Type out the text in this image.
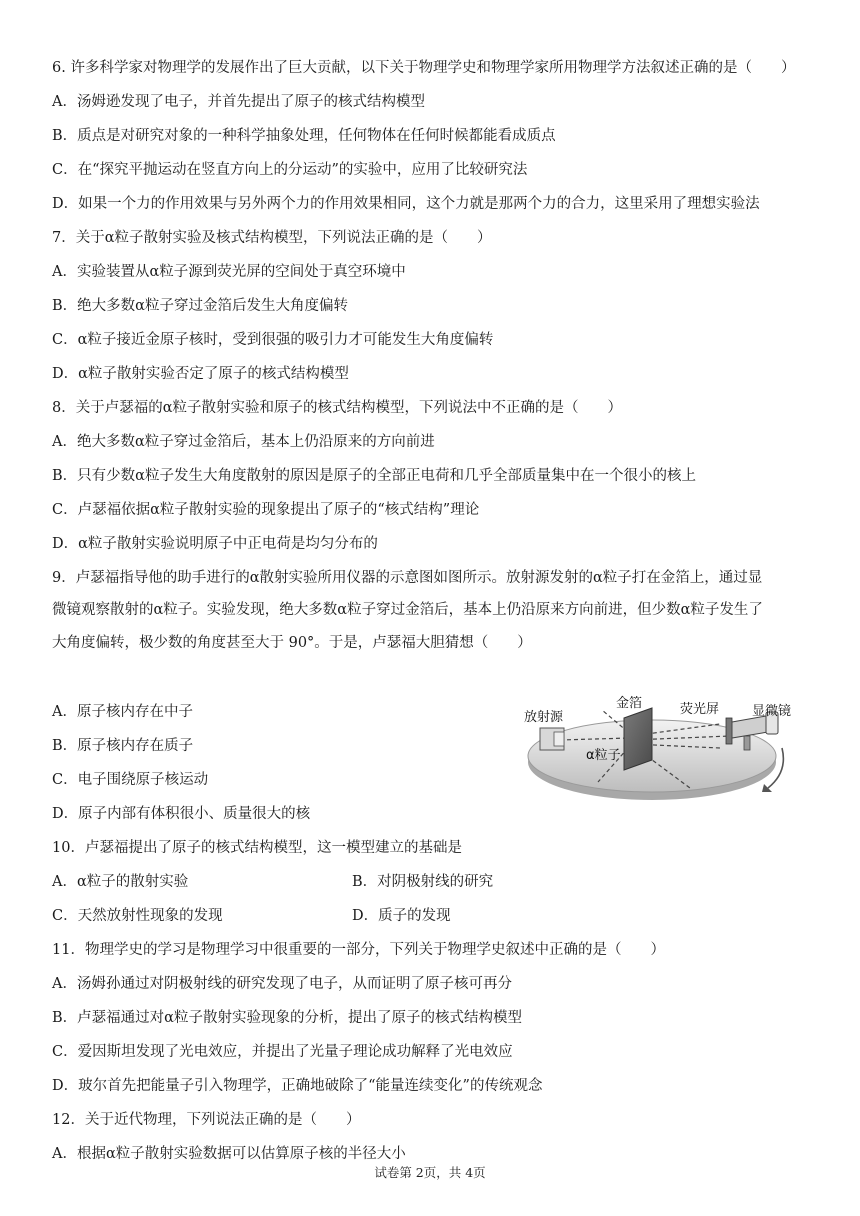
6. 许多科学家对物理学的发展作出了巨大贡献，以下关于物理学史和物理学家所用物理学方法叙述正确的是（　　）
A．汤姆逊发现了电子，并首先提出了原子的核式结构模型
B．质点是对研究对象的一种科学抽象处理，任何物体在任何时候都能看成质点
C．在“探究平抛运动在竖直方向上的分运动”的实验中，应用了比较研究法
D．如果一个力的作用效果与另外两个力的作用效果相同，这个力就是那两个力的合力，这里采用了理想实验法
7．关于α粒子散射实验及核式结构模型，下列说法正确的是（　　）
A．实验装置从α粒子源到荧光屏的空间处于真空环境中
B．绝大多数α粒子穿过金箔后发生大角度偏转
C．α粒子接近金原子核时，受到很强的吸引力才可能发生大角度偏转
D．α粒子散射实验否定了原子的核式结构模型
8．关于卢瑟福的α粒子散射实验和原子的核式结构模型，下列说法中不正确的是（　　）
A．绝大多数α粒子穿过金箔后，基本上仍沿原来的方向前进
B．只有少数α粒子发生大角度散射的原因是原子的全部正电荷和几乎全部质量集中在一个很小的核上
C．卢瑟福依据α粒子散射实验的现象提出了原子的“核式结构”理论
D．α粒子散射实验说明原子中正电荷是均匀分布的
9．卢瑟福指导他的助手进行的α散射实验所用仪器的示意图如图所示。放射源发射的α粒子打在金箔上，通过显
微镜观察散射的α粒子。实验发现，绝大多数α粒子穿过金箔后，基本上仍沿原来方向前进，但少数α粒子发生了
大角度偏转，极少数的角度甚至大于 90°。于是，卢瑟福大胆猜想（　　）
A．原子核内存在中子
B．原子核内存在质子
C．电子围绕原子核运动
D．原子内部有体积很小、质量很大的核
放射源
金箔	荧光屏	显微镜
α粒子
10．卢瑟福提出了原子的核式结构模型，这一模型建立的基础是
A．α粒子的散射实验	B．对阴极射线的研究
C．天然放射性现象的发现	D．质子的发现
11．物理学史的学习是物理学习中很重要的一部分，下列关于物理学史叙述中正确的是（　　）
A．汤姆孙通过对阴极射线的研究发现了电子，从而证明了原子核可再分
B．卢瑟福通过对α粒子散射实验现象的分析，提出了原子的核式结构模型
C．爱因斯坦发现了光电效应，并提出了光量子理论成功解释了光电效应
D．玻尔首先把能量子引入物理学，正确地破除了“能量连续变化”的传统观念
12．关于近代物理，下列说法正确的是（　　）
A．根据α粒子散射实验数据可以估算原子核的半径大小
试卷第 2页，共 4页
